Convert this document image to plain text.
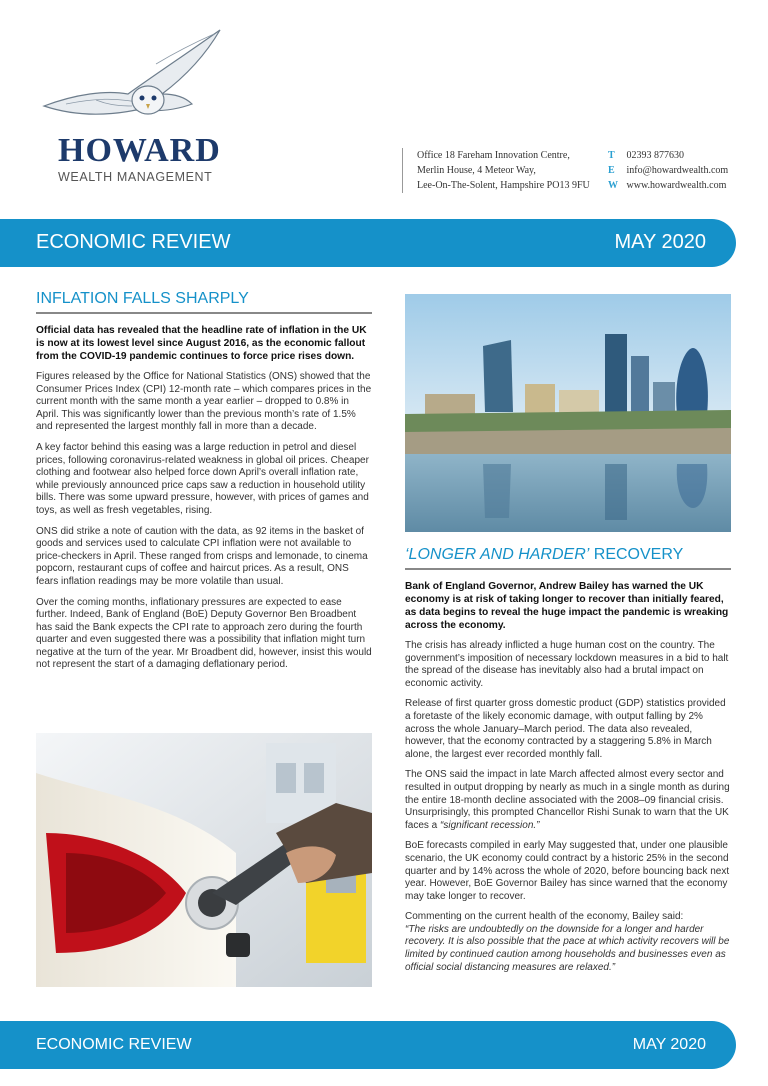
HOWARD
WEALTH MANAGEMENT
Office 18 Fareham Innovation Centre,
Merlin House, 4 Meteor Way,
Lee-On-The-Solent, Hampshire PO13 9FU
T 02393 877630
E info@howardwealth.com
W www.howardwealth.com
ECONOMIC REVIEW	MAY 2020
INFLATION FALLS SHARPLY

Official data has revealed that the headline rate of inflation in the UK is now at its lowest level since August 2016, as the economic fallout from the COVID-19 pandemic continues to force price rises down.

Figures released by the Office for National Statistics (ONS) showed that the Consumer Prices Index (CPI) 12-month rate – which compares prices in the current month with the same month a year earlier – dropped to 0.8% in April. This was significantly lower than the previous month’s rate of 1.5% and represented the largest monthly fall in more than a decade.

A key factor behind this easing was a large reduction in petrol and diesel prices, following coronavirus-related weakness in global oil prices. Cheaper clothing and footwear also helped force down April’s overall inflation rate, while previously announced price caps saw a reduction in household utility bills. There was some upward pressure, however, with prices of games and toys, as well as fresh vegetables, rising.

ONS did strike a note of caution with the data, as 92 items in the basket of goods and services used to calculate CPI inflation were not available to price-checkers in April. These ranged from crisps and lemonade, to cinema popcorn, restaurant cups of coffee and haircut prices. As a result, ONS fears inflation readings may be more volatile than usual.

Over the coming months, inflationary pressures are expected to ease further. Indeed, Bank of England (BoE) Deputy Governor Ben Broadbent has said the Bank expects the CPI rate to approach zero during the fourth quarter and even suggested there was a possibility that inflation might turn negative at the turn of the year. Mr Broadbent did, however, insist this would not represent the start of a damaging deflationary period.

‘LONGER AND HARDER’ RECOVERY

Bank of England Governor, Andrew Bailey has warned the UK economy is at risk of taking longer to recover than initially feared, as data begins to reveal the huge impact the pandemic is wreaking across the economy.

The crisis has already inflicted a huge human cost on the country. The government’s imposition of necessary lockdown measures in a bid to halt the spread of the disease has inevitably also had a brutal impact on economic activity.

Release of first quarter gross domestic product (GDP) statistics provided a foretaste of the likely economic damage, with output falling by 2% across the whole January–March period. The data also revealed, however, that the economy contracted by a staggering 5.8% in March alone, the largest ever recorded monthly fall.

The ONS said the impact in late March affected almost every sector and resulted in output dropping by nearly as much in a single month as during the entire 18-month decline associated with the 2008–09 financial crisis. Unsurprisingly, this prompted Chancellor Rishi Sunak to warn that the UK faces a “significant recession.”

BoE forecasts compiled in early May suggested that, under one plausible scenario, the UK economy could contract by a historic 25% in the second quarter and by 14% across the whole of 2020, before bouncing back next year. However, BoE Governor Bailey has since warned that the economy may take longer to recover.

Commenting on the current health of the economy, Bailey said:
“The risks are undoubtedly on the downside for a longer and harder recovery. It is also possible that the pace at which activity recovers will be limited by continued caution among households and businesses even as official social distancing measures are relaxed.”

ECONOMIC REVIEW	MAY 2020
